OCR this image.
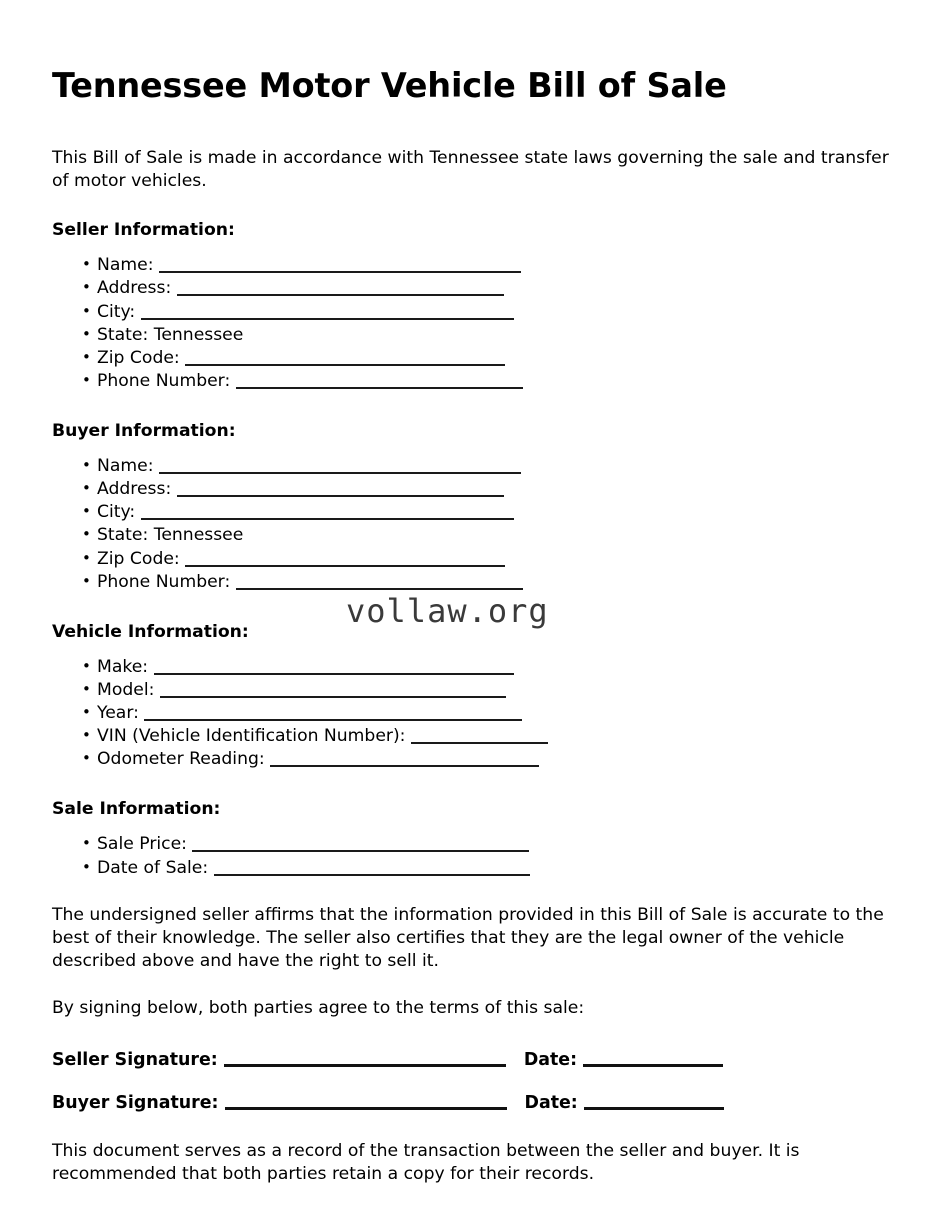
Tennessee Motor Vehicle Bill of Sale

This Bill of Sale is made in accordance with Tennessee state laws governing the sale and transfer of motor vehicles.

Seller Information:
• Name:
• Address:
• City:
• State: Tennessee
• Zip Code:
• Phone Number:
Buyer Information:
• Name:
• Address:
• City:
• State: Tennessee
• Zip Code:
• Phone Number:
Vehicle Information:
• Make:
• Model:
• Year:
• VIN (Vehicle Identification Number):
• Odometer Reading:
Sale Information:
• Sale Price:
• Date of Sale:

The undersigned seller affirms that the information provided in this Bill of Sale is accurate to the best of their knowledge. The seller also certifies that they are the legal owner of the vehicle described above and have the right to sell it.

By signing below, both parties agree to the terms of this sale:

Seller Signature:	Date:
Buyer Signature:	Date:

This document serves as a record of the transaction between the seller and buyer. It is recommended that both parties retain a copy for their records.

vollaw.org
